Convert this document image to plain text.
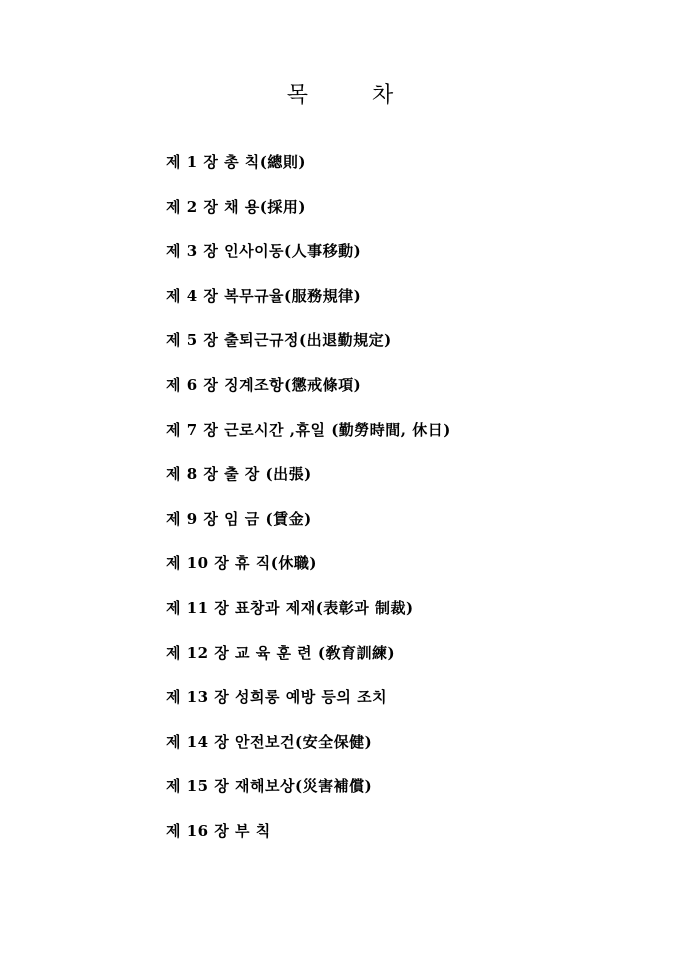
목	차
제 1 장 총 칙(總則)
제 2 장 채 용(採用)
제 3 장 인사이동(人事移動)
제 4 장 복무규율(服務規律)
제 5 장 출퇴근규정(出退勤規定)
제 6 장 징계조항(懲戒條項)
제 7 장 근로시간 ,휴일 (勤勞時間, 休日)
제 8 장 출 장 (出張)
제 9 장 임 금 (賃金)
제 10 장 휴 직(休職)
제 11 장 표창과 제재(表彰과 制裁)
제 12 장 교 육 훈 련 (敎育訓練)
제 13 장 성희롱 예방 등의 조치
제 14 장 안전보건(安全保健)
제 15 장 재해보상(災害補償)
제 16 장 부 칙
